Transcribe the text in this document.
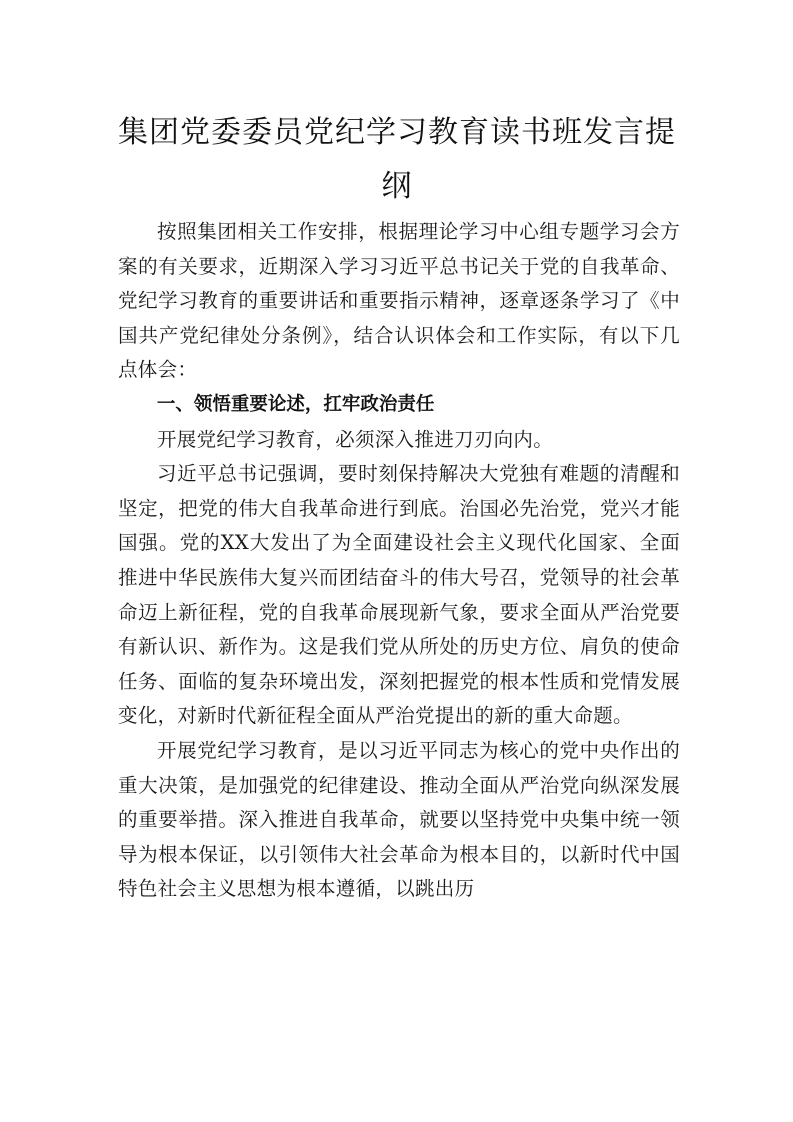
集团党委委员党纪学习教育读书班发言提纲

按照集团相关工作安排，根据理论学习中心组专题学习会方案的有关要求，近期深入学习习近平总书记关于党的自我革命、党纪学习教育的重要讲话和重要指示精神，逐章逐条学习了《中国共产党纪律处分条例》，结合认识体会和工作实际，有以下几点体会：

一、领悟重要论述，扛牢政治责任

开展党纪学习教育，必须深入推进刀刃向内。

习近平总书记强调，要时刻保持解决大党独有难题的清醒和坚定，把党的伟大自我革命进行到底。治国必先治党，党兴才能国强。党的XX大发出了为全面建设社会主义现代化国家、全面推进中华民族伟大复兴而团结奋斗的伟大号召，党领导的社会革命迈上新征程，党的自我革命展现新气象，要求全面从严治党要有新认识、新作为。这是我们党从所处的历史方位、肩负的使命任务、面临的复杂环境出发，深刻把握党的根本性质和党情发展变化，对新时代新征程全面从严治党提出的新的重大命题。

开展党纪学习教育，是以习近平同志为核心的党中央作出的重大决策，是加强党的纪律建设、推动全面从严治党向纵深发展的重要举措。深入推进自我革命，就要以坚持党中央集中统一领导为根本保证，以引领伟大社会革命为根本目的，以新时代中国特色社会主义思想为根本遵循，以跳出历
